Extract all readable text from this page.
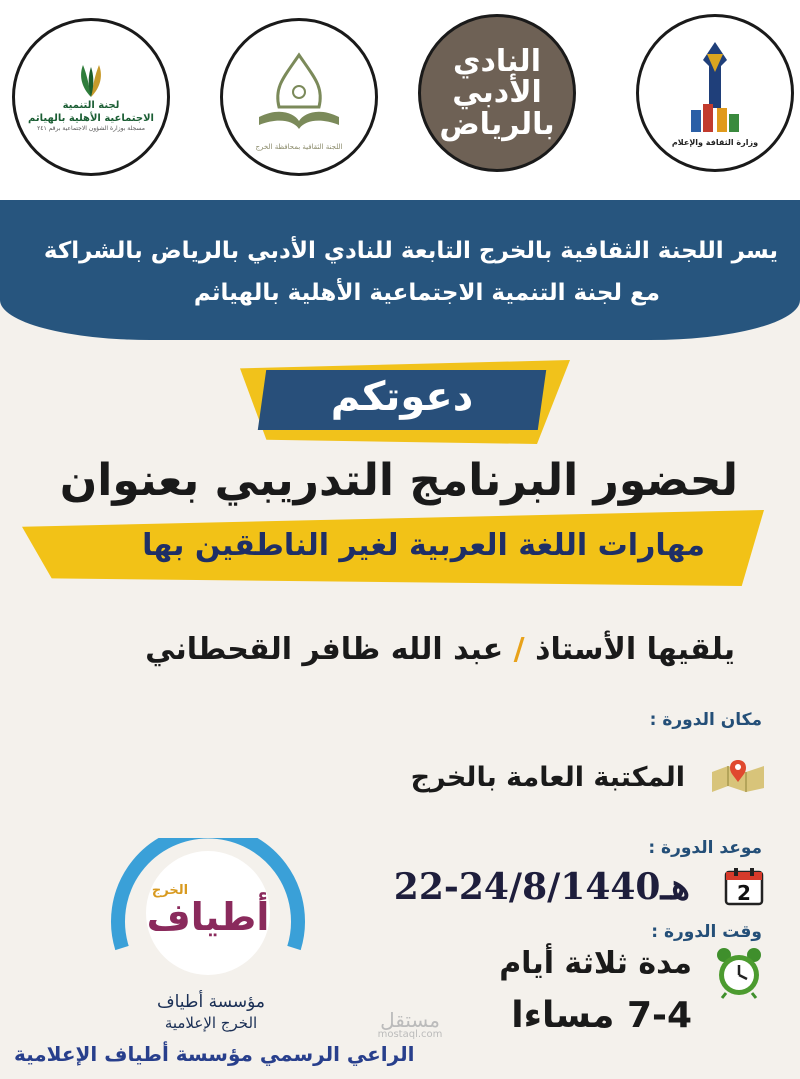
لجنة التنمية
الاجتماعية الأهلية بالهياثم
مسجلة بوزارة الشؤون الاجتماعية برقم ٢٤١
اللجنة الثقافية بمحافظة الخرج
النادي
الأدبي
بالرياض
وزارة الثقافة والإعلام
يسر اللجنة الثقافية بالخرج التابعة للنادي الأدبي بالرياض بالشراكة
مع لجنة التنمية الاجتماعية الأهلية بالهياثم
دعوتكم
لحضور البرنامج التدريبي بعنوان
مهارات اللغة العربية لغير الناطقين بها
يلقيها الأستاذ / عبد الله ظافر القحطاني
مكان الدورة :
المكتبة العامة بالخرج
موعد الدورة :
2
22-24/8/1440هـ
وقت الدورة :
مدة ثلاثة أيام
7-4 مساءا
أطياف
الخرج
مؤسسة أطياف
الخرج الإعلامية
الراعي الرسمي مؤسسة أطياف الإعلامية
مستقل
mostaql.com
